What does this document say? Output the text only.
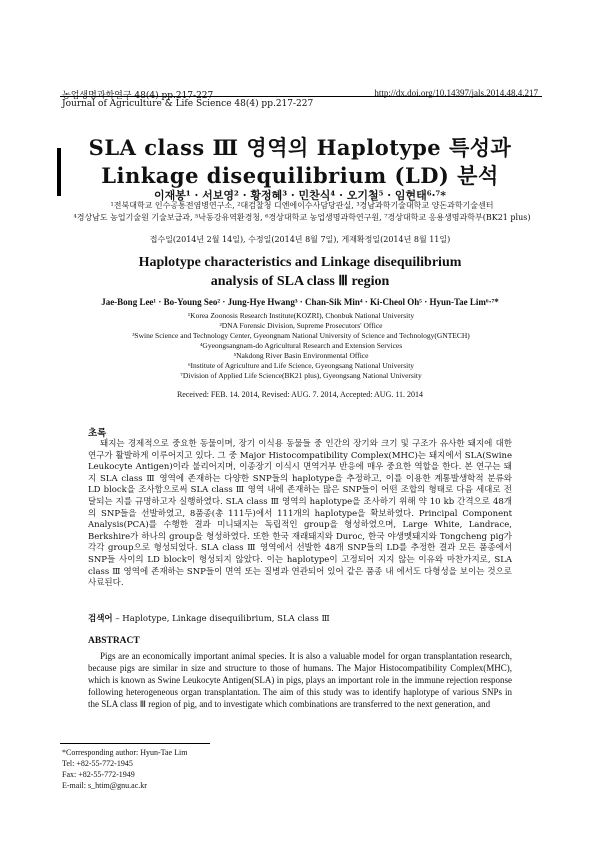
농업생명과학연구 48(4) pp.217-227	http://dx.doi.org/10.14397/jals.2014.48.4.217
Journal of Agriculture & Life Science 48(4) pp.217-227
SLA class Ⅲ 영역의 Haplotype 특성과
Linkage disequilibrium (LD) 분석
이재봉¹ · 서보영² · 황정혜³ · 민찬식⁴ · 오기철⁵ · 임현태⁶·⁷*
¹전북대학교 인수공통전염병연구소, ²대검찰청 디엔에이수사담당관실, ³경남과학기술대학교 양돈과학기술센터
⁴경상남도 농업기술원 기술보급과, ⁵낙동강유역환경청, ⁶경상대학교 농업생명과학연구원, ⁷경상대학교 응용생명과학부(BK21 plus)
접수일(2014년 2월 14일), 수정일(2014년 8월 7일), 게재확정일(2014년 8월 11일)
Haplotype characteristics and Linkage disequilibrium
analysis of SLA class Ⅲ region
Jae-Bong Lee¹ · Bo-Young Seo² · Jung-Hye Hwang³ · Chan-Sik Min⁴ · Ki-Cheol Oh⁵ · Hyun-Tae Lim⁶·⁷*
¹Korea Zoonosis Research Institute(KOZRI), Chonbuk National University
²DNA Forensic Division, Supreme Prosecutors' Office
³Swine Science and Technology Center, Gyeongnam National University of Science and Technology(GNTECH)
⁴Gyeongsangnam-do Agricultural Research and Extension Services
⁵Nakdong River Basin Environmental Office
⁶Institute of Agriculture and Life Science, Gyeongsang National University
⁷Division of Applied Life Science(BK21 plus), Gyeongsang National University
Received: FEB. 14. 2014, Revised: AUG. 7. 2014, Accepted: AUG. 11. 2014
초록
돼지는 경제적으로 중요한 동물이며, 장기 이식용 동물들 중 인간의 장기와 크기 및 구조가 유사한 돼지에 대한 연구가 활발하게 이루어지고 있다. 그 중 Major Histocompatibility Complex(MHC)는 돼지에서 SLA(Swine Leukocyte Antigen)이라 불리어지며, 이종장기 이식시 면역거부 반응에 매우 중요한 역할을 한다. 본 연구는 돼지 SLA class Ⅲ 영역에 존재하는 다양한 SNP들의 haplotype을 추정하고, 이를 이용한 계통발생학적 분류와 LD block을 조사함으로써 SLA class Ⅲ 영역 내에 존재하는 많은 SNP들이 어떤 조합의 형태로 다음 세대로 전달되는 지를 규명하고자 실행하였다. SLA class Ⅲ 영역의 haplotype을 조사하기 위해 약 10 kb 간격으로 48개의 SNP들을 선발하였고, 8품종(총 111두)에서 111개의 haplotype을 확보하였다. Principal Component Analysis(PCA)를 수행한 결과 미니돼지는 독립적인 group을 형성하였으며, Large White, Landrace, Berkshire가 하나의 group을 형성하였다. 또한 한국 재래돼지와 Duroc, 한국 야생멧돼지와 Tongcheng pig가 각각 group으로 형성되었다. SLA class Ⅲ 영역에서 선발한 48개 SNP들의 LD를 추정한 결과 모든 품종에서 SNP들 사이의 LD block이 형성되지 않았다. 이는 haplotype이 고정되어 지지 않는 이유와 마찬가지로, SLA class Ⅲ 영역에 존재하는 SNP들이 면역 또는 질병과 연관되어 있어 같은 품종 내 에서도 다형성을 보이는 것으로 사료된다.
검색어 – Haplotype, Linkage disequilibrium, SLA class Ⅲ
ABSTRACT
Pigs are an economically important animal species. It is also a valuable model for organ transplantation research, because pigs are similar in size and structure to those of humans. The Major Histocompatibility Complex(MHC), which is known as Swine Leukocyte Antigen(SLA) in pigs, plays an important role in the immune rejection response following heterogeneous organ transplantation. The aim of this study was to identify haplotype of various SNPs in the SLA class Ⅲ region of pig, and to investigate which combinations are transferred to the next generation, and
*Corresponding author: Hyun-Tae Lim
Tel: +82-55-772-1945
Fax: +82-55-772-1949
E-mail: s_htim@gnu.ac.kr
